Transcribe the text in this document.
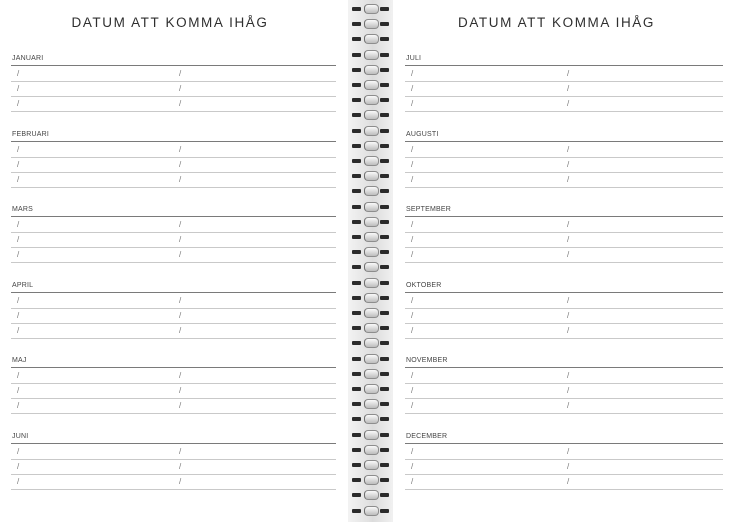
DATUM ATT KOMMA IHÅG
JANUARI
/	/
/	/
/	/
FEBRUARI
/	/
/	/
/	/
MARS
/	/
/	/
/	/
APRIL
/	/
/	/
/	/
MAJ
/	/
/	/
/	/
JUNI
/	/
/	/
/	/
DATUM ATT KOMMA IHÅG
JULI
/	/
/	/
/	/
AUGUSTI
/	/
/	/
/	/
SEPTEMBER
/	/
/	/
/	/
OKTOBER
/	/
/	/
/	/
NOVEMBER
/	/
/	/
/	/
DECEMBER
/	/
/	/
/	/
